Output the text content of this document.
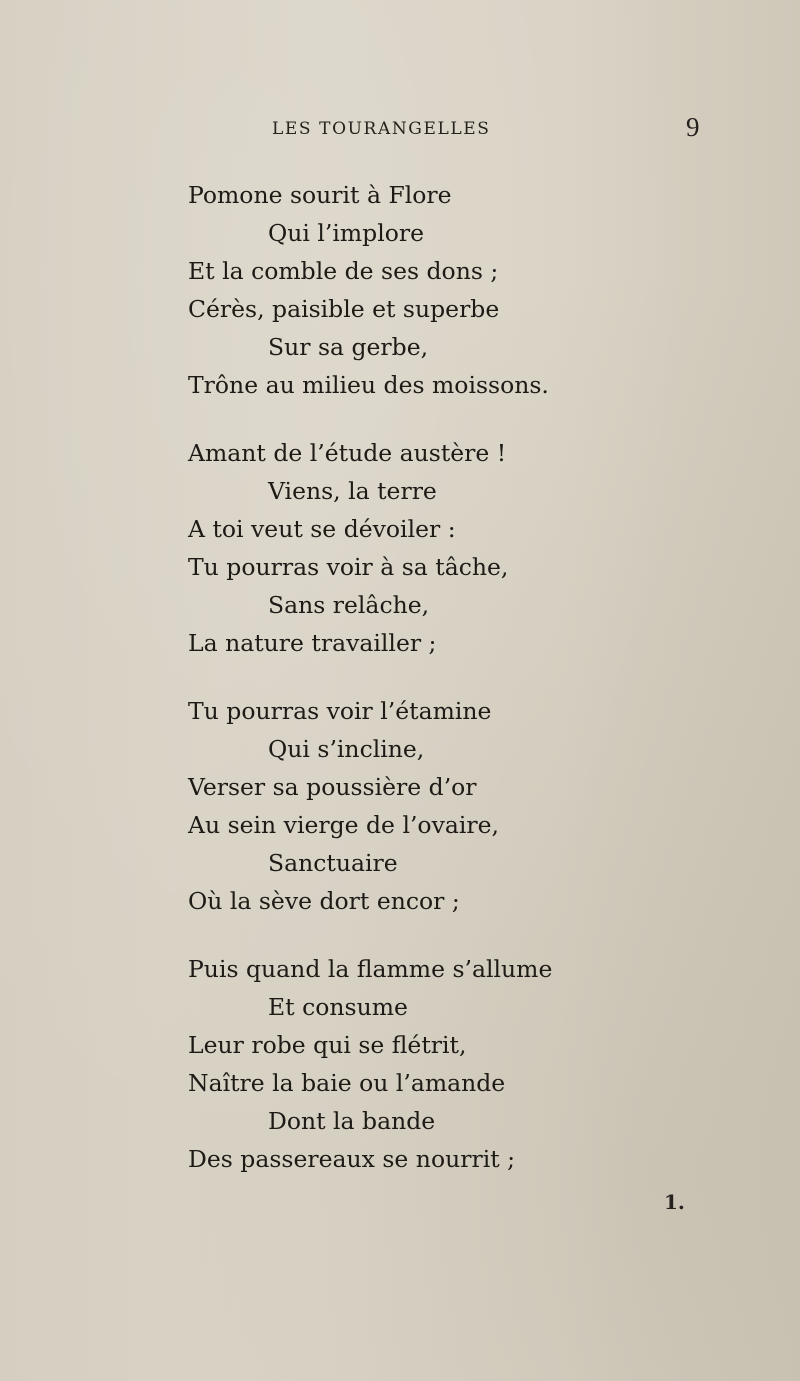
LES TOURANGELLES	9
Pomone sourit à Flore
Qui l’implore
Et la comble de ses dons ;
Cérès, paisible et superbe
Sur sa gerbe,
Trône au milieu des moissons.
Amant de l’étude austère !
Viens, la terre
A toi veut se dévoiler :
Tu pourras voir à sa tâche,
Sans relâche,
La nature travailler ;
Tu pourras voir l’étamine
Qui s’incline,
Verser sa poussière d’or
Au sein vierge de l’ovaire,
Sanctuaire
Où la sève dort encor ;
Puis quand la flamme s’allume
Et consume
Leur robe qui se flétrit,
Naître la baie ou l’amande
Dont la bande
Des passereaux se nourrit ;
1.
